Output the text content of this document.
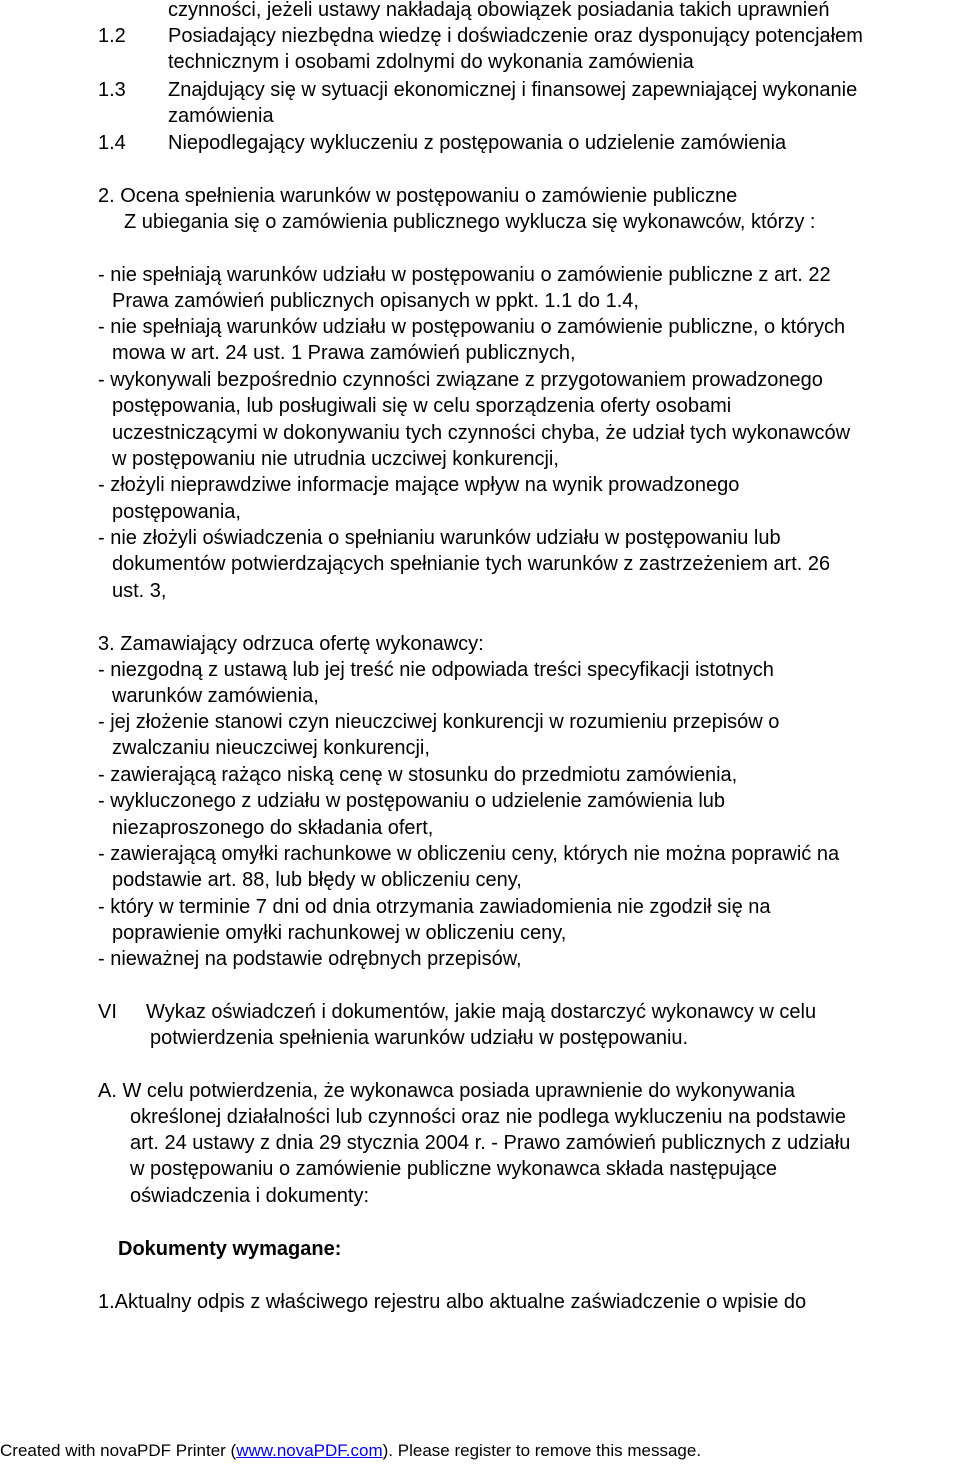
czynności, jeżeli ustawy nakładają obowiązek posiadania takich uprawnień
1.2 Posiadający niezbędna wiedzę i doświadczenie oraz dysponujący potencjałem
technicznym i osobami zdolnymi do wykonania zamówienia
1.3 Znajdujący się w sytuacji ekonomicznej i finansowej zapewniającej wykonanie
zamówienia
1.4 Niepodlegający wykluczeniu z postępowania o udzielenie zamówienia
2. Ocena spełnienia warunków w postępowaniu o zamówienie publiczne
Z ubiegania się o zamówienia publicznego wyklucza się wykonawców, którzy :
- nie spełniają warunków udziału w postępowaniu o zamówienie publiczne z art. 22
Prawa zamówień publicznych opisanych w ppkt. 1.1 do 1.4,
- nie spełniają warunków udziału w postępowaniu o zamówienie publiczne, o których
mowa w art. 24 ust. 1 Prawa zamówień publicznych,
- wykonywali bezpośrednio czynności związane z przygotowaniem prowadzonego
postępowania, lub posługiwali się w celu sporządzenia oferty osobami
uczestniczącymi w dokonywaniu tych czynności chyba, że udział tych wykonawców
w postępowaniu nie utrudnia uczciwej konkurencji,
- złożyli nieprawdziwe informacje mające wpływ na wynik prowadzonego
postępowania,
- nie złożyli oświadczenia o spełnianiu warunków udziału w postępowaniu lub
dokumentów potwierdzających spełnianie tych warunków z zastrzeżeniem art. 26
ust. 3,
3. Zamawiający odrzuca ofertę wykonawcy:
- niezgodną z ustawą lub jej treść nie odpowiada treści specyfikacji istotnych
warunków zamówienia,
- jej złożenie stanowi czyn nieuczciwej konkurencji w rozumieniu przepisów o
zwalczaniu nieuczciwej konkurencji,
- zawierającą rażąco niską cenę w stosunku do przedmiotu zamówienia,
- wykluczonego z udziału w postępowaniu o udzielenie zamówienia lub
niezaproszonego do składania ofert,
- zawierającą omyłki rachunkowe w obliczeniu ceny, których nie można poprawić na
podstawie art. 88, lub błędy w obliczeniu ceny,
- który w terminie 7 dni od dnia otrzymania zawiadomienia nie zgodził się na
poprawienie omyłki rachunkowej w obliczeniu ceny,
- nieważnej na podstawie odrębnych przepisów,
VI Wykaz oświadczeń i dokumentów, jakie mają dostarczyć wykonawcy w celu
potwierdzenia spełnienia warunków udziału w postępowaniu.
A. W celu potwierdzenia, że wykonawca posiada uprawnienie do wykonywania
określonej działalności lub czynności oraz nie podlega wykluczeniu na podstawie
art. 24 ustawy z dnia 29 stycznia 2004 r. - Prawo zamówień publicznych z udziału
w postępowaniu o zamówienie publiczne wykonawca składa następujące
oświadczenia i dokumenty:
Dokumenty wymagane:
1.Aktualny odpis z właściwego rejestru albo aktualne zaświadczenie o wpisie do
Created with novaPDF Printer (www.novaPDF.com). Please register to remove this message.
